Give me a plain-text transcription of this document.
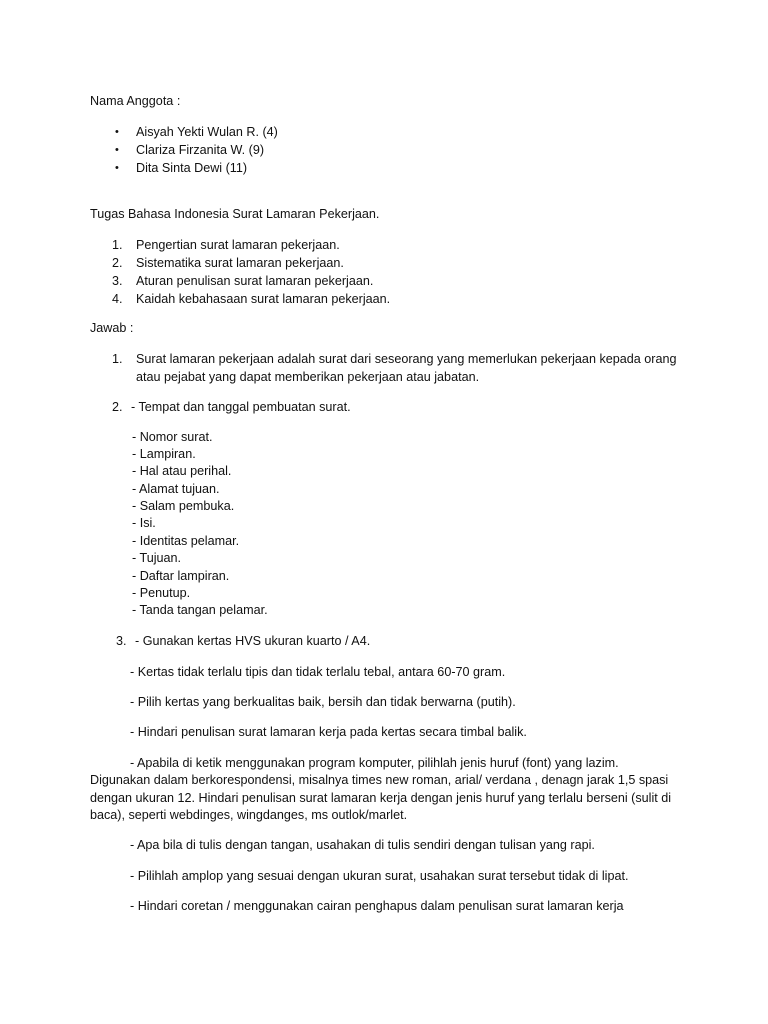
Nama Anggota :
• Aisyah Yekti Wulan R. (4)
• Clariza Firzanita W. (9)
• Dita Sinta Dewi (11)
Tugas Bahasa Indonesia Surat Lamaran Pekerjaan.
1. Pengertian surat lamaran pekerjaan.
2. Sistematika surat lamaran pekerjaan.
3. Aturan penulisan surat lamaran pekerjaan.
4. Kaidah kebahasaan surat lamaran pekerjaan.
Jawab :
1. Surat lamaran pekerjaan adalah surat dari seseorang yang memerlukan pekerjaan kepada orang
atau pejabat yang dapat memberikan pekerjaan atau jabatan.
2. - Tempat dan tanggal pembuatan surat.
- Nomor surat.
- Lampiran.
- Hal atau perihal.
- Alamat tujuan.
- Salam pembuka.
- Isi.
- Identitas pelamar.
- Tujuan.
- Daftar lampiran.
- Penutup.
- Tanda tangan pelamar.
3. - Gunakan kertas HVS ukuran kuarto / A4.
- Kertas tidak terlalu tipis dan tidak terlalu tebal, antara 60-70 gram.
- Pilih kertas yang berkualitas baik, bersih dan tidak berwarna (putih).
- Hindari penulisan surat lamaran kerja pada kertas secara timbal balik.
- Apabila di ketik menggunakan program komputer, pilihlah jenis huruf (font) yang lazim.
Digunakan dalam berkorespondensi, misalnya times new roman, arial/ verdana , denagn jarak 1,5 spasi
dengan ukuran 12. Hindari penulisan surat lamaran kerja dengan jenis huruf yang terlalu berseni (sulit di
baca), seperti webdinges, wingdanges, ms outlok/marlet.
- Apa bila di tulis dengan tangan, usahakan di tulis sendiri dengan tulisan yang rapi.
- Pilihlah amplop yang sesuai dengan ukuran surat, usahakan surat tersebut tidak di lipat.
- Hindari coretan / menggunakan cairan penghapus dalam penulisan surat lamaran kerja
